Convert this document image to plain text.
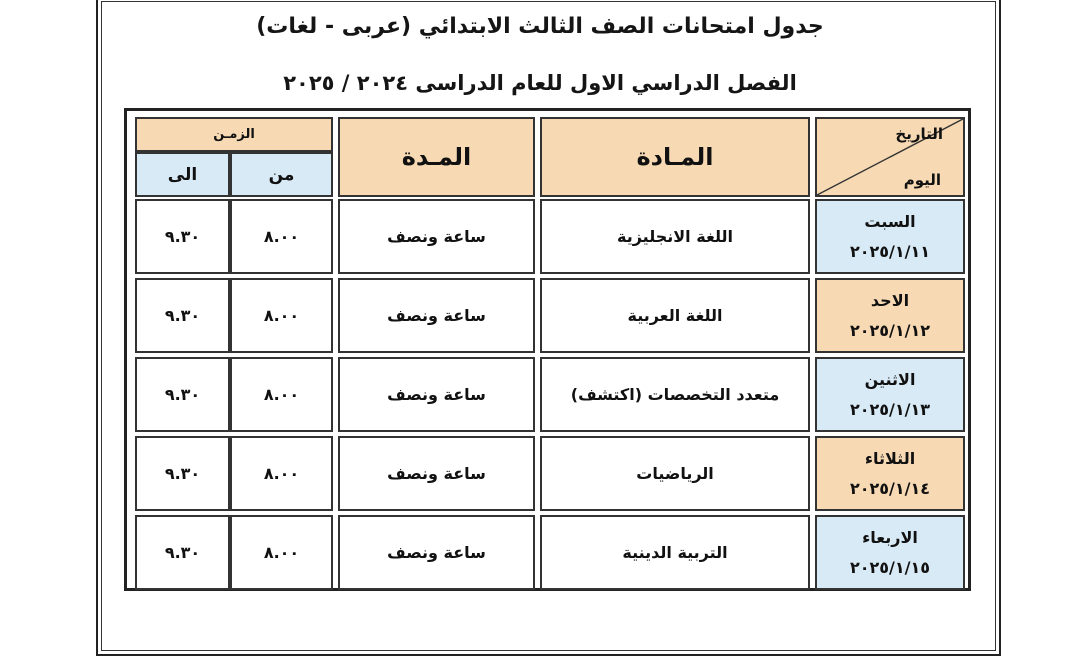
جدول امتحانات الصف الثالث الابتدائي (عربى - لغات)
الفصل الدراسي الاول للعام الدراسى ٢٠٢٤ / ٢٠٢٥
التاريخ
اليوم
المـادة
المـدة
الزمـن
من
الى
السبت
٢٠٢٥/١/١١
اللغة الانجليزية
ساعة ونصف
٨.٠٠
٩.٣٠
الاحد
٢٠٢٥/١/١٢
اللغة العربية
ساعة ونصف
٨.٠٠
٩.٣٠
الاثنين
٢٠٢٥/١/١٣
متعدد التخصصات (اكتشف)
ساعة ونصف
٨.٠٠
٩.٣٠
الثلاثاء
٢٠٢٥/١/١٤
الرياضيات
ساعة ونصف
٨.٠٠
٩.٣٠
الاربعاء
٢٠٢٥/١/١٥
التربية الدينية
ساعة ونصف
٨.٠٠
٩.٣٠
